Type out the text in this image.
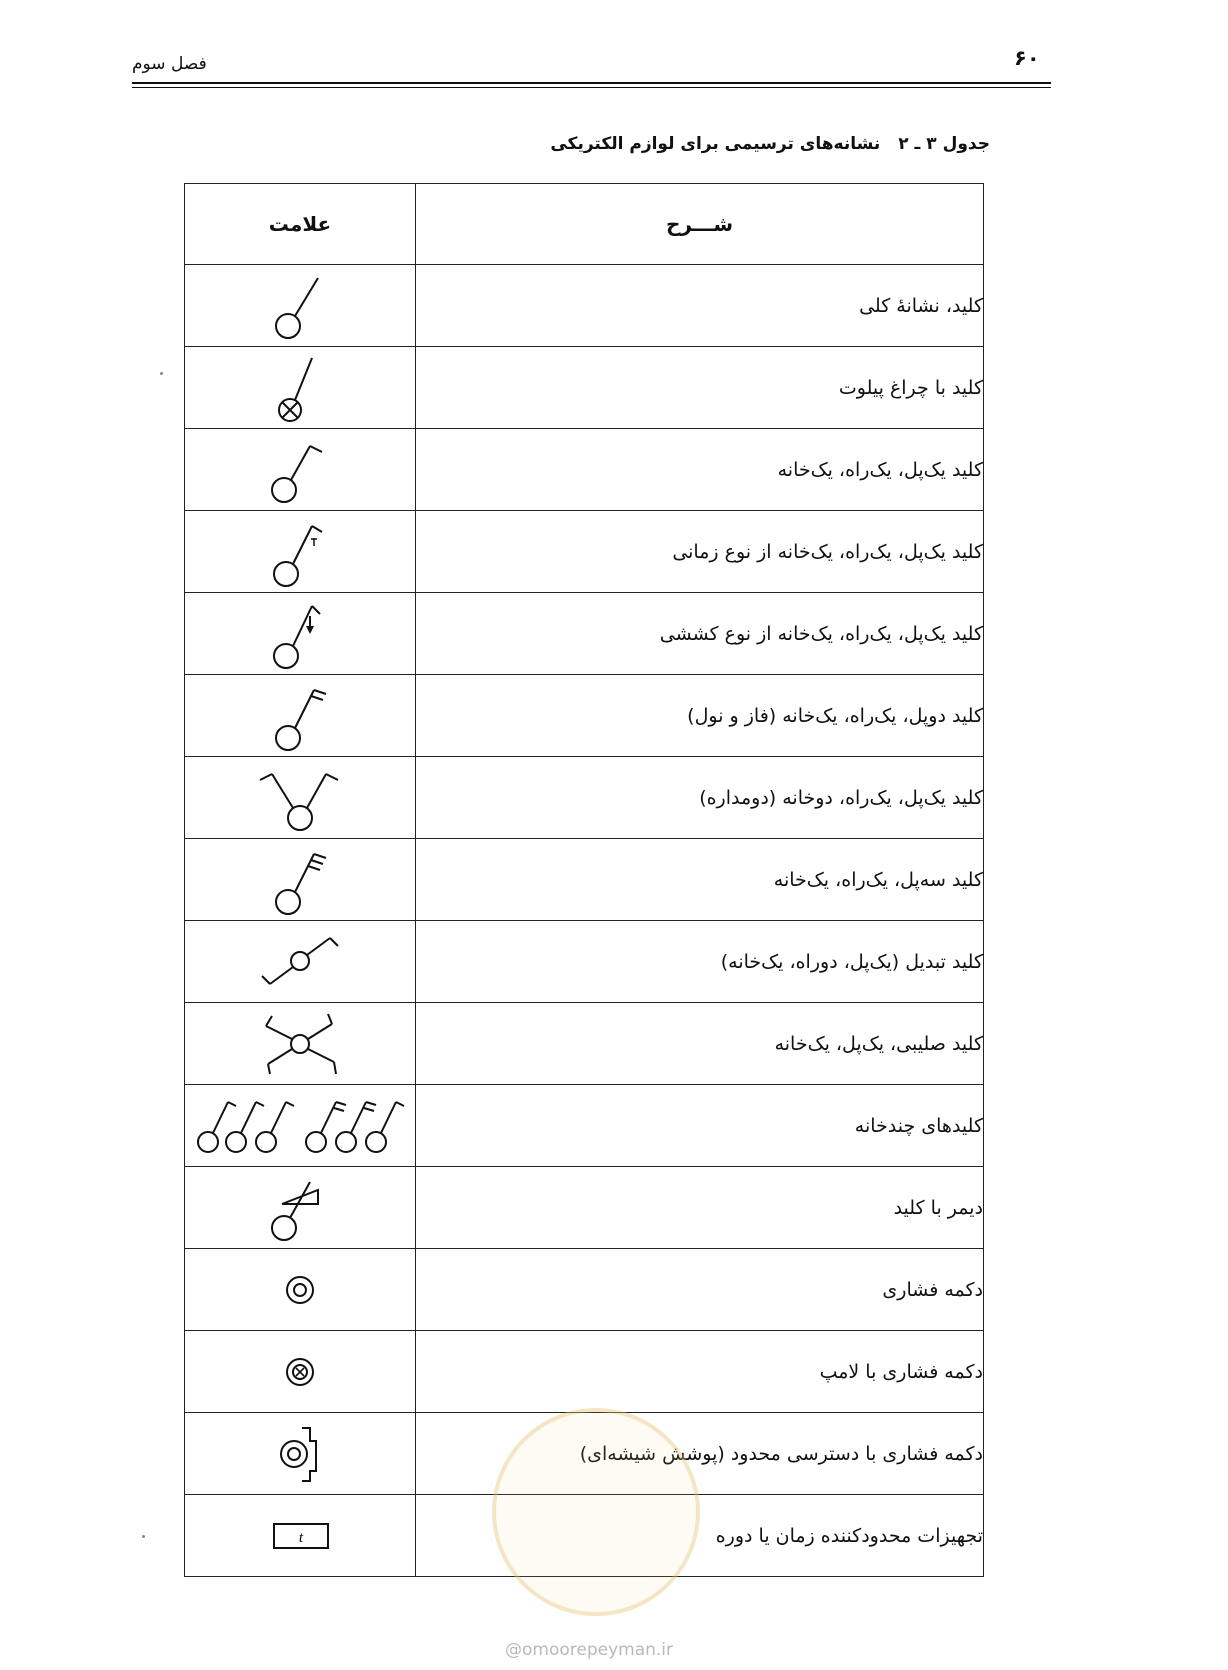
۶۰
فصل سوم
جدول ۳ ـ ۲ نشانه‌های ترسیمی برای لوازم الکتریکی
شـــرح	علامت
کلید، نشانهٔ کلی	

کلید با چراغ پیلوت	

کلید یک‌پل، یک‌راه، یک‌خانه	

کلید یک‌پل، یک‌راه، یک‌خانه از نوع زمانی	

کلید یک‌پل، یک‌راه، یک‌خانه از نوع کششی	

کلید دوپل، یک‌راه، یک‌خانه (فاز و نول)	

کلید یک‌پل، یک‌راه، دوخانه (دومداره)	

کلید سه‌پل، یک‌راه، یک‌خانه	

کلید تبدیل (یک‌پل، دوراه، یک‌خانه)	

کلید صلیبی، یک‌پل، یک‌خانه	

کلیدهای چندخانه	

دیمر با کلید	

دکمه فشاری	

دکمه فشاری با لامپ	

دکمه فشاری با دسترسی محدود (پوشش شیشه‌ای)	

تجهیزات محدودکننده زمان یا دوره	t
@omoorepeyman.ir
